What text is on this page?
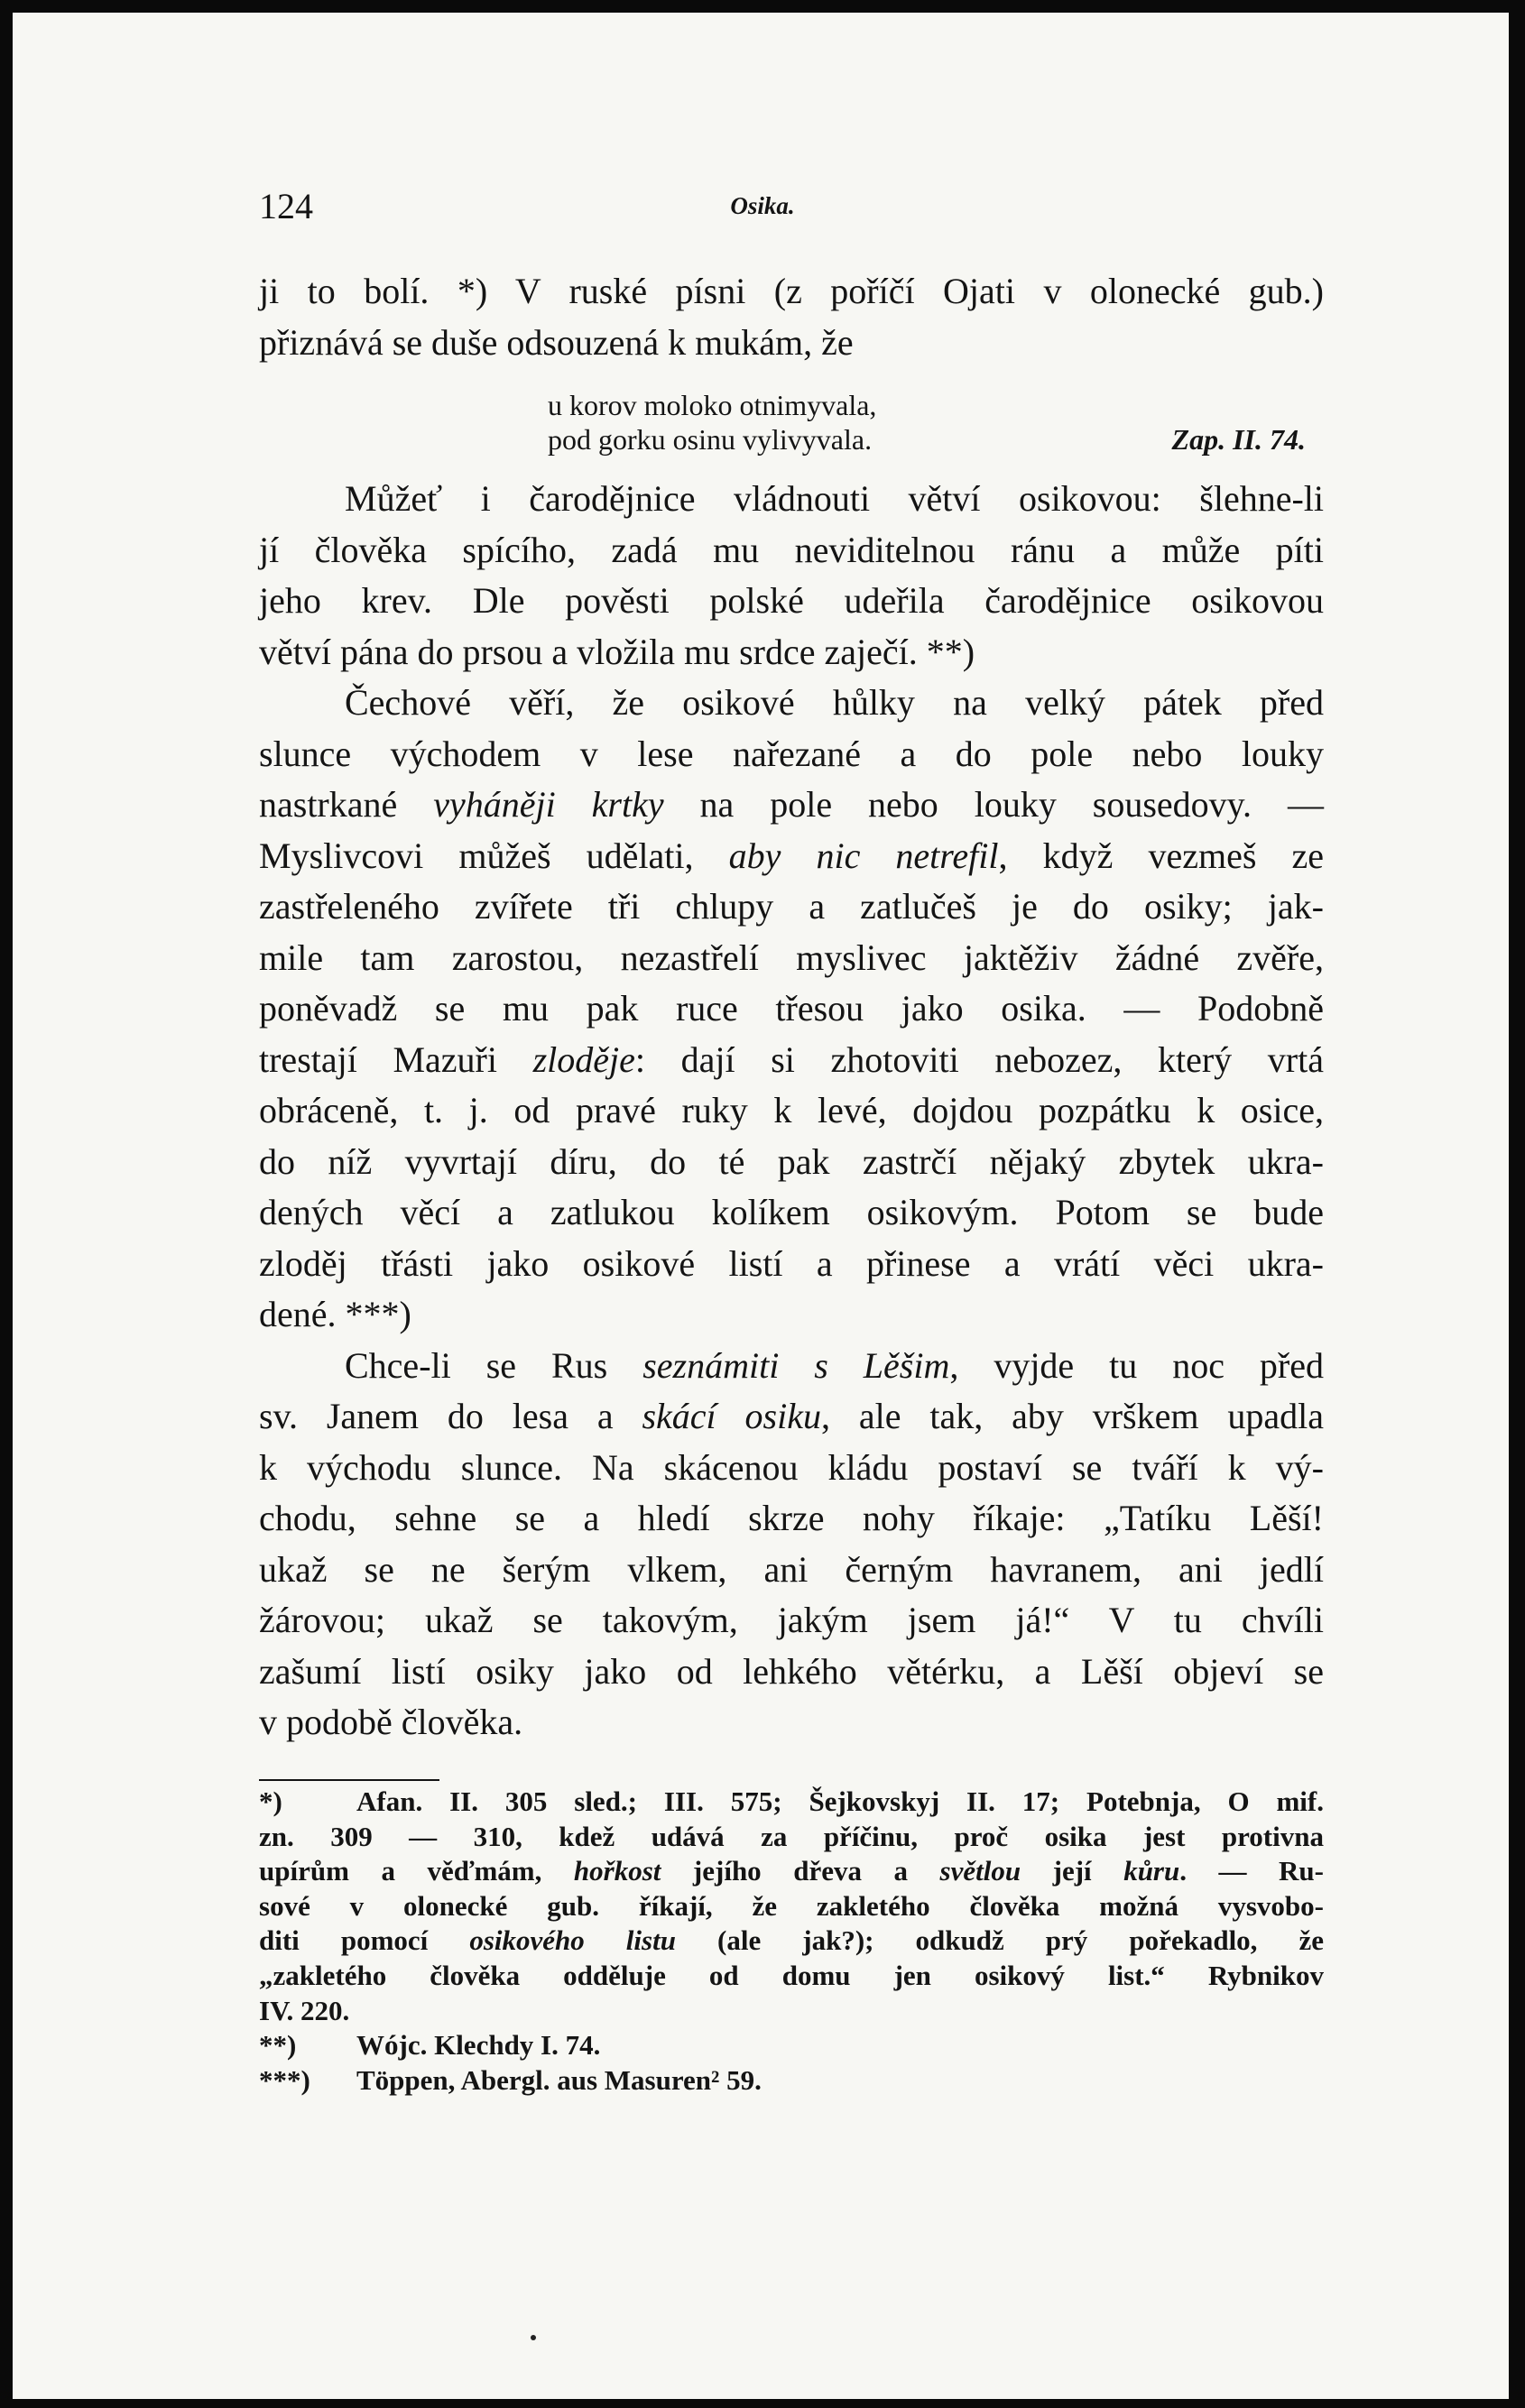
124	Osika.
ji to bolí. *) V ruské písni (z poříčí Ojati v olonecké gub.)
přiznává se duše odsouzená k mukám, že
u korov moloko otnimyvala,
pod gorku osinu vylivyvala.	Zap. II. 74.
Můžeť i čarodějnice vládnouti větví osikovou: šlehne-li
jí člověka spícího, zadá mu neviditelnou ránu a může píti
jeho krev. Dle pověsti polské udeřila čarodějnice osikovou
větví pána do prsou a vložila mu srdce zaječí. **)
Čechové věří, že osikové hůlky na velký pátek před
slunce východem v lese nařezané a do pole nebo louky
nastrkané vyháněji krtky na pole nebo louky sousedovy. —
Myslivcovi můžeš udělati, aby nic netrefil, když vezmeš ze
zastřeleného zvířete tři chlupy a zatlučeš je do osiky; jak-
mile tam zarostou, nezastřelí myslivec jaktěživ žádné zvěře,
poněvadž se mu pak ruce třesou jako osika. — Podobně
trestají Mazuři zloděje: dají si zhotoviti nebozez, který vrtá
obráceně, t. j. od pravé ruky k levé, dojdou pozpátku k osice,
do níž vyvrtají díru, do té pak zastrčí nějaký zbytek ukra-
dených věcí a zatlukou kolíkem osikovým. Potom se bude
zloděj třásti jako osikové listí a přinese a vrátí věci ukra-
dené. ***)
Chce-li se Rus seznámiti s Lěšim, vyjde tu noc před
sv. Janem do lesa a skácí osiku, ale tak, aby vrškem upadla
k východu slunce. Na skácenou kládu postaví se tváří k vý-
chodu, sehne se a hledí skrze nohy říkaje: „Tatíku Lěší!
ukaž se ne šerým vlkem, ani černým havranem, ani jedlí
žárovou; ukaž se takovým, jakým jsem já!“ V tu chvíli
zašumí listí osiky jako od lehkého větérku, a Lěší objeví se
v podobě člověka.
*)	Afan. II. 305 sled.; III. 575; Šejkovskyj II. 17; Potebnja, O mif.
zn. 309 — 310, kdež udává za příčinu, proč osika jest protivna
upírům a věďmám, hořkost jejího dřeva a světlou její kůru. — Ru-
sové v olonecké gub. říkají, že zakletého člověka možná vysvobo-
diti pomocí osikového listu (ale jak?); odkudž prý pořekadlo, že
„zakletého člověka odděluje od domu jen osikový list.“ Rybnikov
IV. 220.
**) Wójc. Klechdy I. 74.
***) Töppen, Abergl. aus Masuren² 59.
